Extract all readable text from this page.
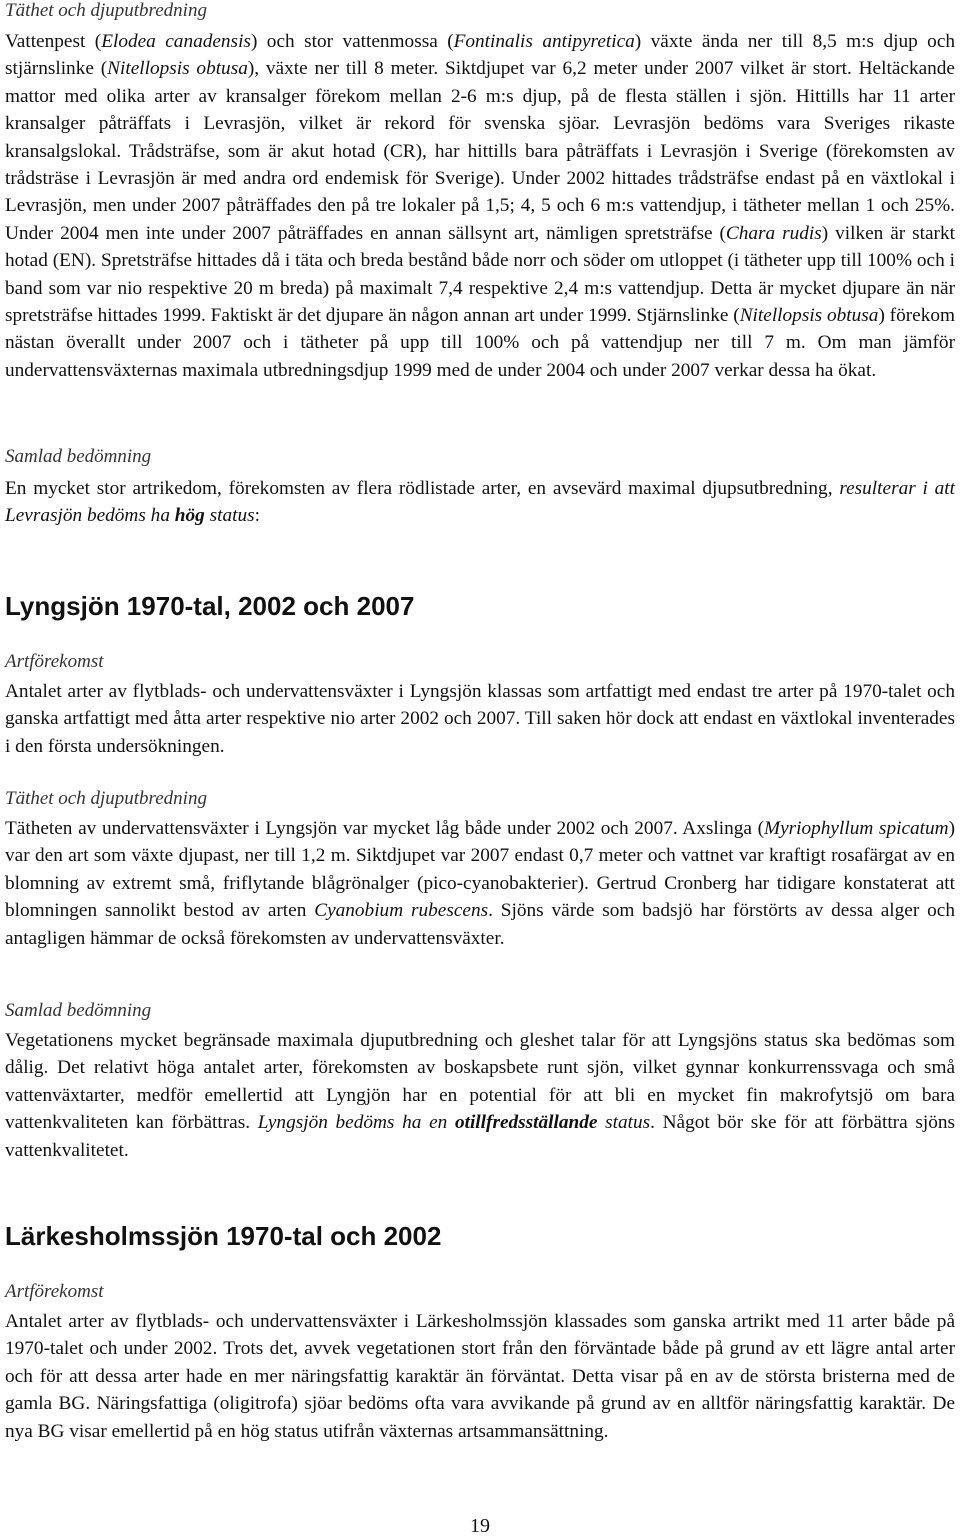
Täthet och djuputbredning

Vattenpest (Elodea canadensis) och stor vattenmossa (Fontinalis antipyretica) växte ända ner till 8,5 m:s djup och stjärnslinke (Nitellopsis obtusa), växte ner till 8 meter. Siktdjupet var 6,2 meter under 2007 vilket är stort. Heltäckande mattor med olika arter av kransalger förekom mellan 2-6 m:s djup, på de flesta ställen i sjön. Hittills har 11 arter kransalger påträffats i Levrasjön, vilket är rekord för svenska sjöar. Levrasjön bedöms vara Sveriges rikaste kransalgslokal. Trådsträfse, som är akut hotad (CR), har hittills bara påträffats i Levrasjön i Sverige (förekomsten av trådsträse i Levrasjön är med andra ord endemisk för Sverige). Under 2002 hittades trådsträfse endast på en växtlokal i Levrasjön, men under 2007 påträffades den på tre lokaler på 1,5; 4, 5 och 6 m:s vattendjup, i tätheter mellan 1 och 25%. Under 2004 men inte under 2007 påträffades en annan sällsynt art, nämligen spretsträfse (Chara rudis) vilken är starkt hotad (EN). Spretsträfse hittades då i täta och breda bestånd både norr och söder om utloppet (i tätheter upp till 100% och i band som var nio respektive 20 m breda) på maximalt 7,4 respektive 2,4 m:s vattendjup. Detta är mycket djupare än när spretsträfse hittades 1999. Faktiskt är det djupare än någon annan art under 1999. Stjärnslinke (Nitellopsis obtusa) förekom nästan överallt under 2007 och i tätheter på upp till 100% och på vattendjup ner till 7 m. Om man jämför undervattensväxternas maximala utbredningsdjup 1999 med de under 2004 och under 2007 verkar dessa ha ökat.

Samlad bedömning

En mycket stor artrikedom, förekomsten av flera rödlistade arter, en avsevärd maximal djupsutbredning, resulterar i att Levrasjön bedöms ha hög status:

Lyngsjön 1970-tal, 2002 och 2007
Artförekomst

Antalet arter av flytblads- och undervattensväxter i Lyngsjön klassas som artfattigt med endast tre arter på 1970-talet och ganska artfattigt med åtta arter respektive nio arter 2002 och 2007. Till saken hör dock att endast en växtlokal inventerades i den första undersökningen.

Täthet och djuputbredning

Tätheten av undervattensväxter i Lyngsjön var mycket låg både under 2002 och 2007. Axslinga (Myriophyllum spicatum) var den art som växte djupast, ner till 1,2 m. Siktdjupet var 2007 endast 0,7 meter och vattnet var kraftigt rosafärgat av en blomning av extremt små, friflytande blågrönalger (pico-cyanobakterier). Gertrud Cronberg har tidigare konstaterat att blomningen sannolikt bestod av arten Cyanobium rubescens. Sjöns värde som badsjö har förstörts av dessa alger och antagligen hämmar de också förekomsten av undervattensväxter.

Samlad bedömning

Vegetationens mycket begränsade maximala djuputbredning och gleshet talar för att Lyngsjöns status ska bedömas som dålig. Det relativt höga antalet arter, förekomsten av boskapsbete runt sjön, vilket gynnar konkurrenssvaga och små vattenväxtarter, medför emellertid att Lyngjön har en potential för att bli en mycket fin makrofytsjö om bara vattenkvaliteten kan förbättras. Lyngsjön bedöms ha en otillfredsställande status. Något bör ske för att förbättra sjöns vattenkvalitetet.

Lärkesholmssjön 1970-tal och 2002
Artförekomst

Antalet arter av flytblads- och undervattensväxter i Lärkesholmssjön klassades som ganska artrikt med 11 arter både på 1970-talet och under 2002. Trots det, avvek vegetationen stort från den förväntade både på grund av ett lägre antal arter och för att dessa arter hade en mer näringsfattig karaktär än förväntat. Detta visar på en av de största bristerna med de gamla BG. Näringsfattiga (oligitrofa) sjöar bedöms ofta vara avvikande på grund av en alltför näringsfattig karaktär. De nya BG visar emellertid på en hög status utifrån växternas artsammansättning.

19
